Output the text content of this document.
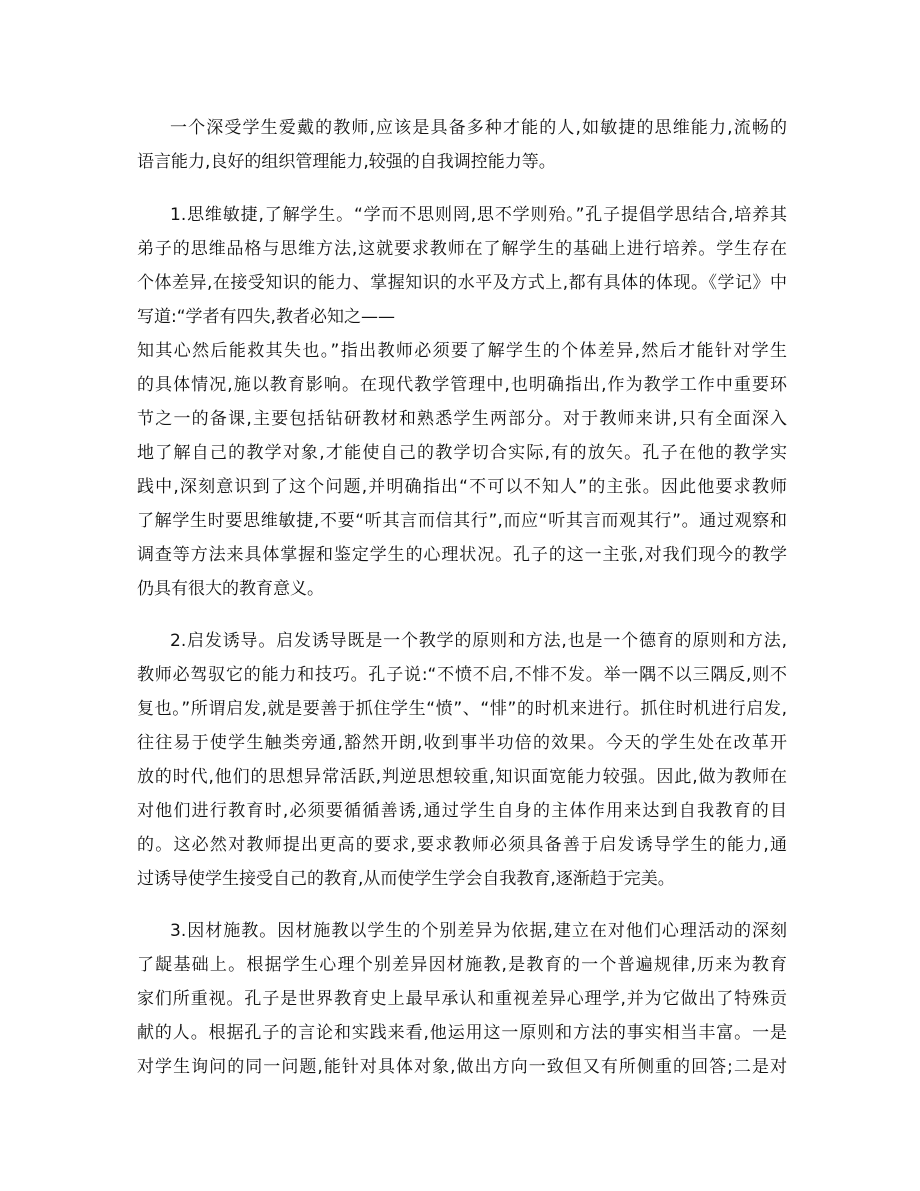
一个深受学生爱戴的教师,应该是具备多种才能的人,如敏捷的思维能力,流畅的
语言能力,良好的组织管理能力,较强的自我调控能力等。
1.思维敏捷,了解学生。“学而不思则罔,思不学则殆。”孔子提倡学思结合,培养其
弟子的思维品格与思维方法,这就要求教师在了解学生的基础上进行培养。学生存在
个体差异,在接受知识的能力、掌握知识的水平及方式上,都有具体的体现。《学记》中
写道:“学者有四失,教者必知之——
知其心然后能救其失也。”指出教师必须要了解学生的个体差异,然后才能针对学生
的具体情况,施以教育影响。在现代教学管理中,也明确指出,作为教学工作中重要环
节之一的备课,主要包括钻研教材和熟悉学生两部分。对于教师来讲,只有全面深入
地了解自己的教学对象,才能使自己的教学切合实际,有的放矢。孔子在他的教学实
践中,深刻意识到了这个问题,并明确指出“不可以不知人”的主张。因此他要求教师
了解学生时要思维敏捷,不要“听其言而信其行”,而应“听其言而观其行”。通过观察和
调查等方法来具体掌握和鉴定学生的心理状况。孔子的这一主张,对我们现今的教学
仍具有很大的教育意义。
2.启发诱导。启发诱导既是一个教学的原则和方法,也是一个德育的原则和方法,
教师必驾驭它的能力和技巧。孔子说:“不愤不启,不悱不发。举一隅不以三隅反,则不
复也。”所谓启发,就是要善于抓住学生“愤”、“悱”的时机来进行。抓住时机进行启发,
往往易于使学生触类旁通,豁然开朗,收到事半功倍的效果。今天的学生处在改革开
放的时代,他们的思想异常活跃,判逆思想较重,知识面宽能力较强。因此,做为教师在
对他们进行教育时,必须要循循善诱,通过学生自身的主体作用来达到自我教育的目
的。这必然对教师提出更高的要求,要求教师必须具备善于启发诱导学生的能力,通
过诱导使学生接受自己的教育,从而使学生学会自我教育,逐渐趋于完美。
3.因材施教。因材施教以学生的个别差异为依据,建立在对他们心理活动的深刻
了龊基础上。根据学生心理个别差异因材施教,是教育的一个普遍规律,历来为教育
家们所重视。孔子是世界教育史上最早承认和重视差异心理学,并为它做出了特殊贡
献的人。根据孔子的言论和实践来看,他运用这一原则和方法的事实相当丰富。一是
对学生询问的同一问题,能针对具体对象,做出方向一致但又有所侧重的回答;二是对
